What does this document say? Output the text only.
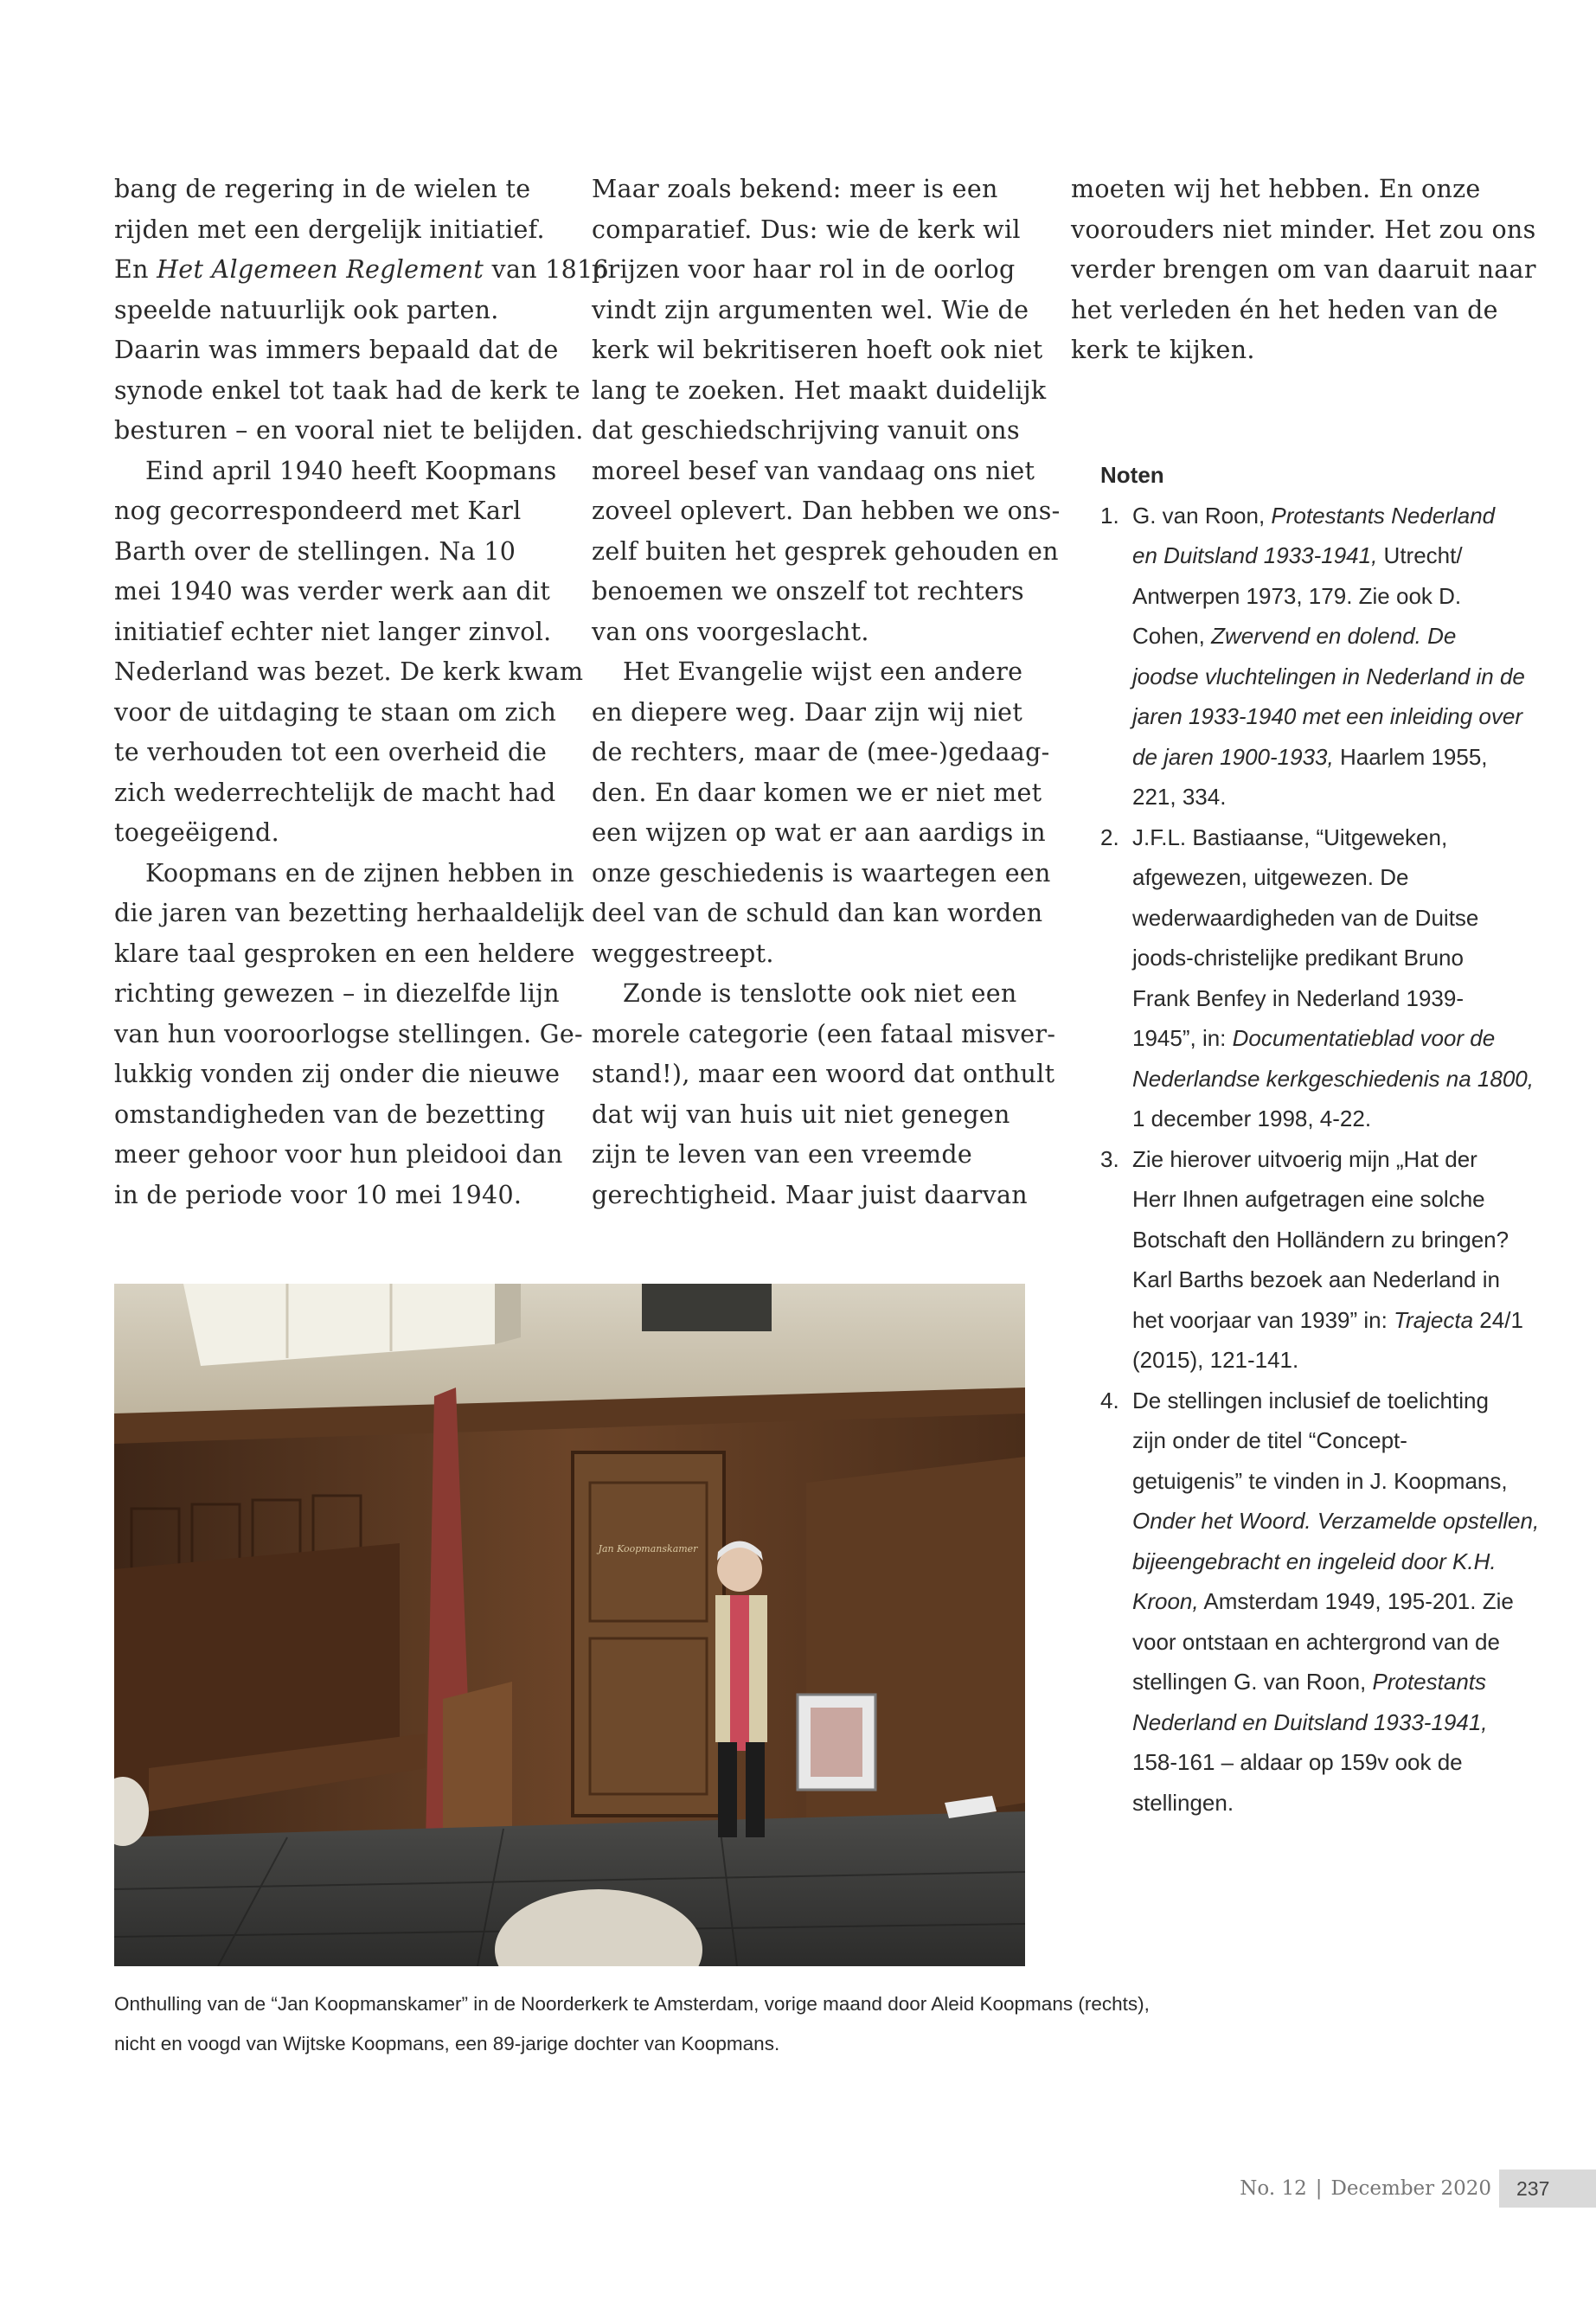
bang de regering in de wielen te
rijden met een dergelijk initiatief.
En Het Algemeen Reglement van 1816
speelde natuurlijk ook parten.
Daarin was immers bepaald dat de
synode enkel tot taak had de kerk te
besturen – en vooral niet te belijden.

Eind april 1940 heeft Koopmans
nog gecorrespondeerd met Karl
Barth over de stellingen. Na 10
mei 1940 was verder werk aan dit
initiatief echter niet langer zinvol.
Nederland was bezet. De kerk kwam
voor de uitdaging te staan om zich
te verhouden tot een overheid die
zich wederrechtelijk de macht had
toegeëigend.

Koopmans en de zijnen hebben in
die jaren van bezetting herhaaldelijk
klare taal gesproken en een heldere
richting gewezen – in diezelfde lijn
van hun vooroorlogse stellingen. Ge-
lukkig vonden zij onder die nieuwe
omstandigheden van de bezetting
meer gehoor voor hun pleidooi dan
in de periode voor 10 mei 1940.

Maar zoals bekend: meer is een
comparatief. Dus: wie de kerk wil
prijzen voor haar rol in de oorlog
vindt zijn argumenten wel. Wie de
kerk wil bekritiseren hoeft ook niet
lang te zoeken. Het maakt duidelijk
dat geschiedschrijving vanuit ons
moreel besef van vandaag ons niet
zoveel oplevert. Dan hebben we ons-
zelf buiten het gesprek gehouden en
benoemen we onszelf tot rechters
van ons voorgeslacht.

Het Evangelie wijst een andere
en diepere weg. Daar zijn wij niet
de rechters, maar de (mee-)gedaag-
den. En daar komen we er niet met
een wijzen op wat er aan aardigs in
onze geschiedenis is waartegen een
deel van de schuld dan kan worden
weggestreept.

Zonde is tenslotte ook niet een
morele categorie (een fataal misver-
stand!), maar een woord dat onthult
dat wij van huis uit niet genegen
zijn te leven van een vreemde
gerechtigheid. Maar juist daarvan

moeten wij het hebben. En onze
voorouders niet minder. Het zou ons
verder brengen om van daaruit naar
het verleden én het heden van de
kerk te kijken.

Noten
1. G. van Roon, Protestants Nederland
en Duitsland 1933-1941, Utrecht/
Antwerpen 1973, 179. Zie ook D.
Cohen, Zwervend en dolend. De
joodse vluchtelingen in Nederland in de
jaren 1933-1940 met een inleiding over
de jaren 1900-1933, Haarlem 1955,
221, 334.
2. J.F.L. Bastiaanse, “Uitgeweken,
afgewezen, uitgewezen. De
wederwaardigheden van de Duitse
joods-christelijke predikant Bruno
Frank Benfey in Nederland 1939-
1945”, in: Documentatieblad voor de
Nederlandse kerkgeschiedenis na 1800,
1 december 1998, 4-22.
3. Zie hierover uitvoerig mijn „Hat der
Herr Ihnen aufgetragen eine solche
Botschaft den Holländern zu bringen?
Karl Barths bezoek aan Nederland in
het voorjaar van 1939” in: Trajecta 24/1
(2015), 121-141.
4. De stellingen inclusief de toelichting
zijn onder de titel “Concept-
getuigenis” te vinden in J. Koopmans,
Onder het Woord. Verzamelde opstellen,
bijeengebracht en ingeleid door K.H.
Kroon, Amsterdam 1949, 195-201. Zie
voor ontstaan en achtergrond van de
stellingen G. van Roon, Protestants
Nederland en Duitsland 1933-1941,
158-161 – aldaar op 159v ook de
stellingen.
Jan Koopmanskamer
Onthulling van de “Jan Koopmanskamer” in de Noorderkerk te Amsterdam, vorige maand door Aleid Koopmans (rechts),
nicht en voogd van Wijtske Koopmans, een 89-jarige dochter van Koopmans.
No. 12 | December 2020	237
